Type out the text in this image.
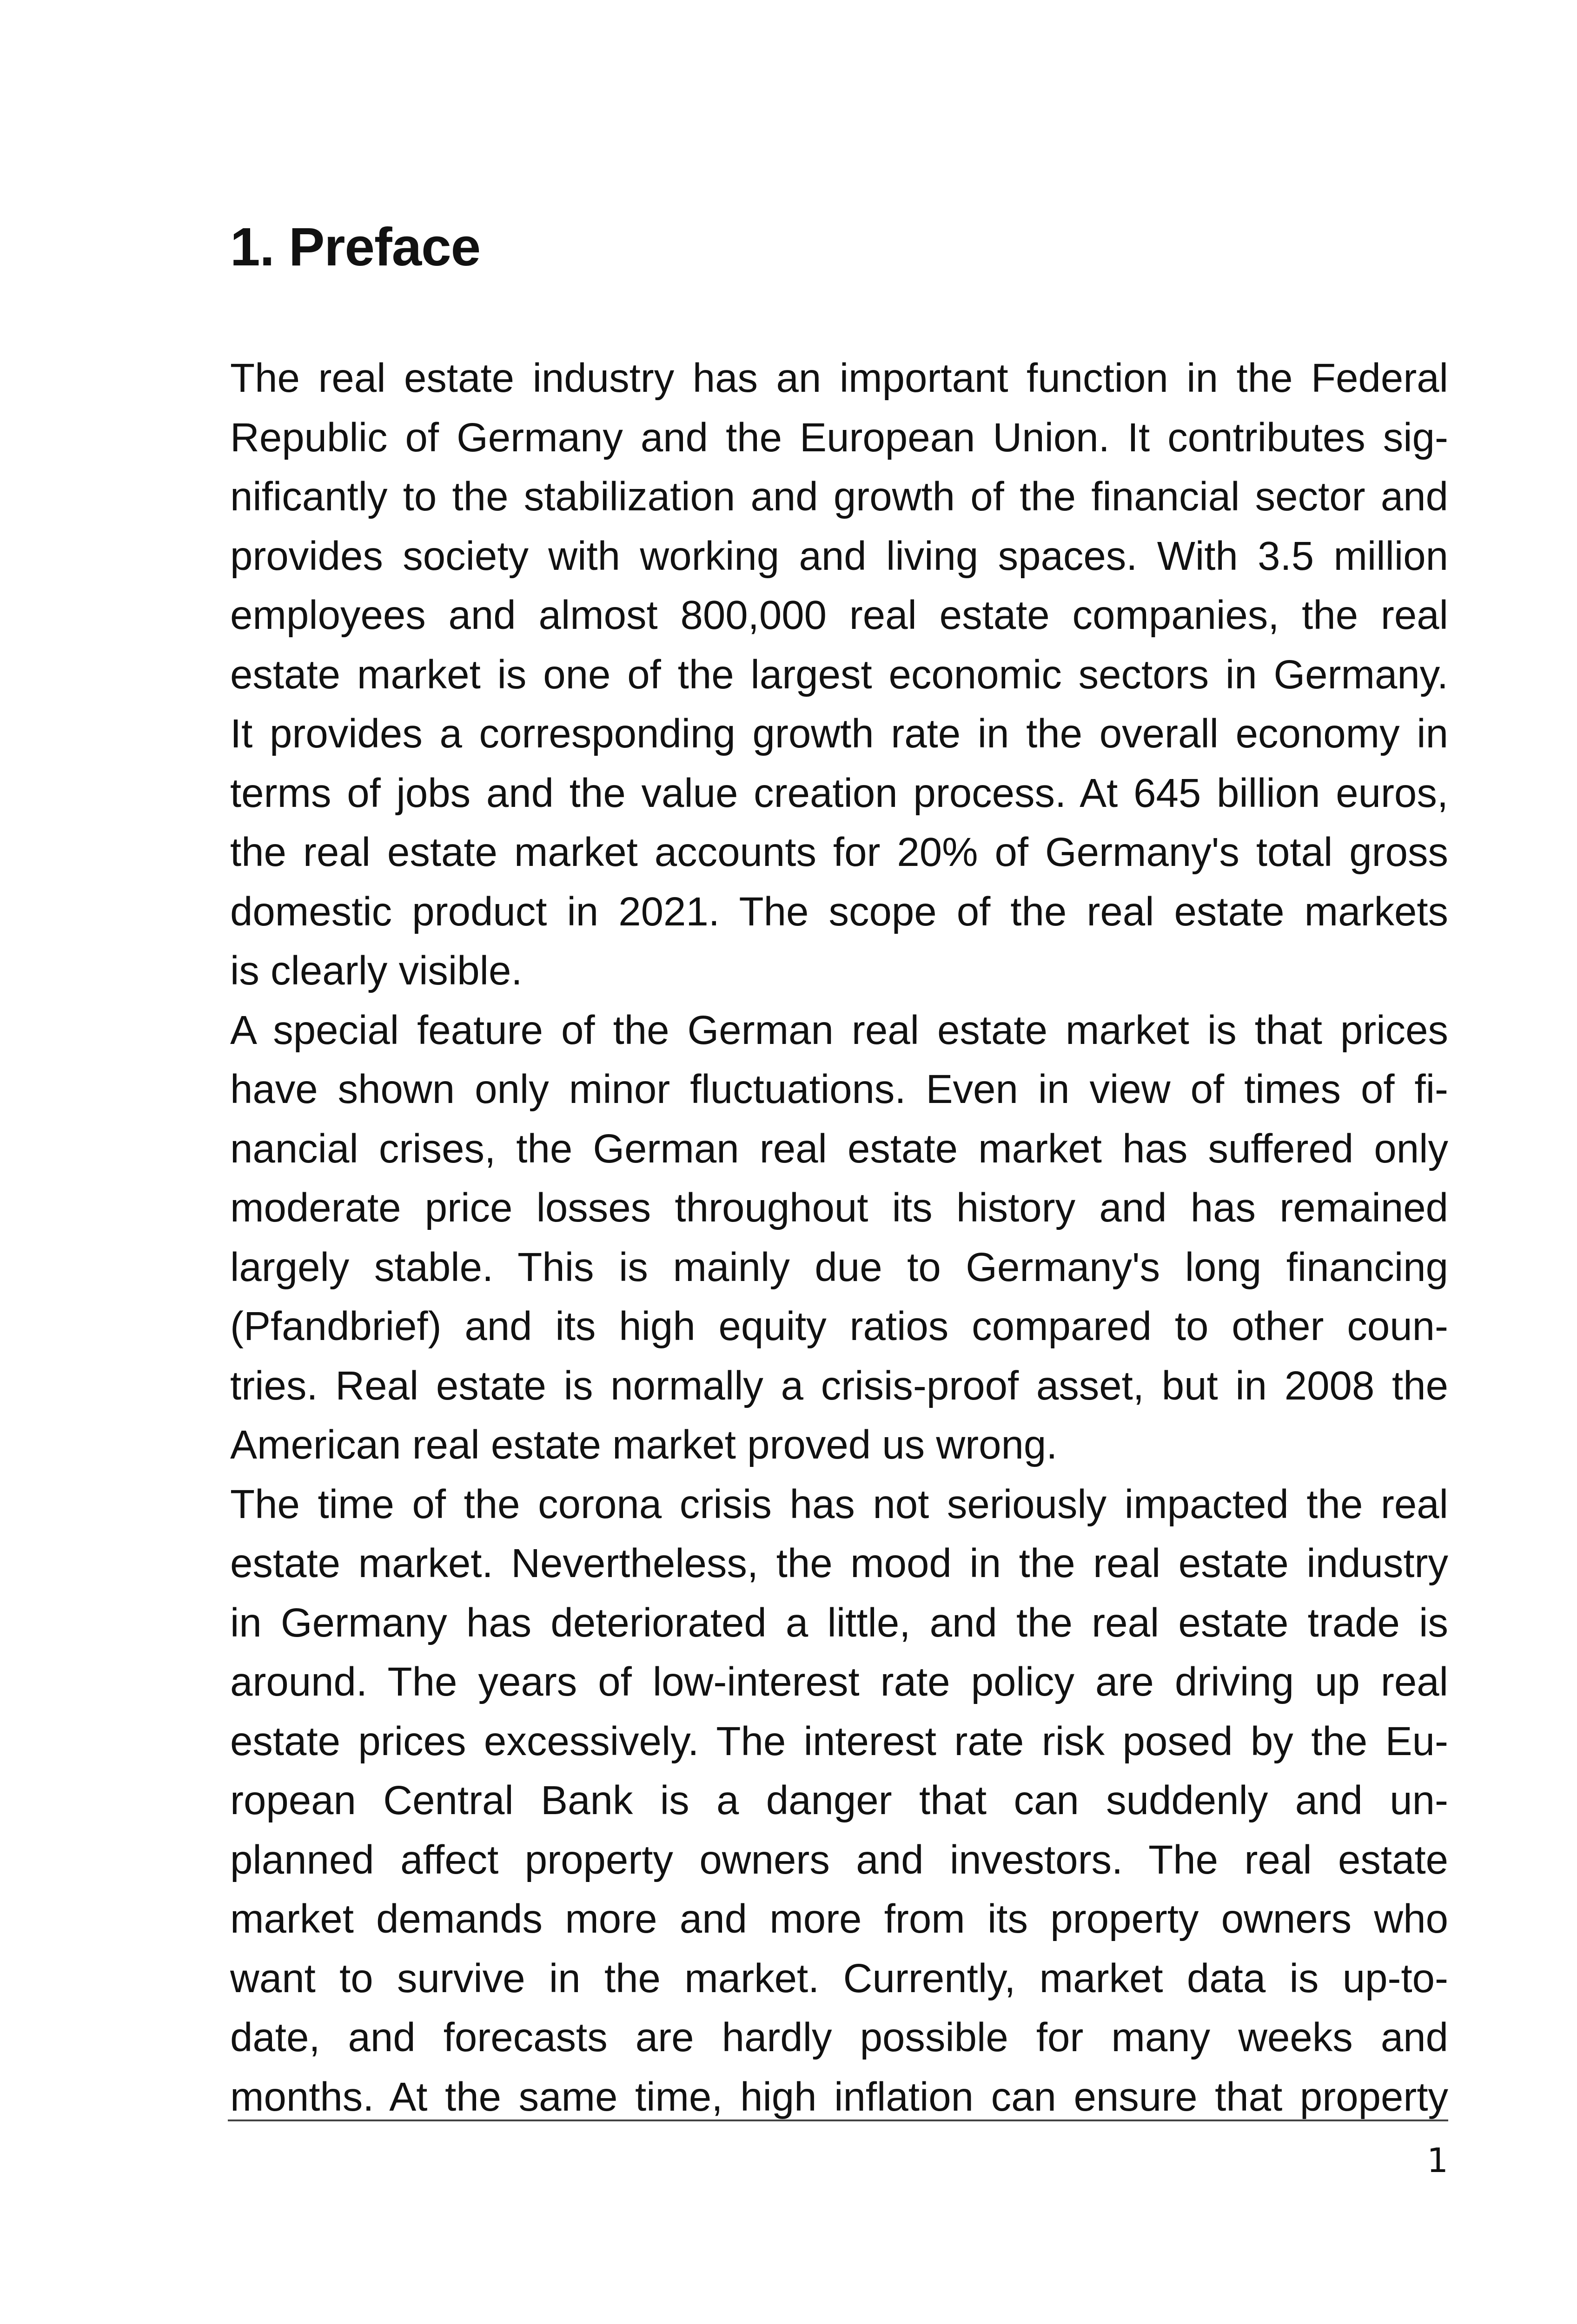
1. Preface
The real estate industry has an important function in the Federal
Republic of Germany and the European Union. It contributes sig-
nificantly to the stabilization and growth of the financial sector and
provides society with working and living spaces. With 3.5 million
employees and almost 800,000 real estate companies, the real
estate market is one of the largest economic sectors in Germany.
It provides a corresponding growth rate in the overall economy in
terms of jobs and the value creation process. At 645 billion euros,
the real estate market accounts for 20% of Germany's total gross
domestic product in 2021. The scope of the real estate markets
is clearly visible.
A special feature of the German real estate market is that prices
have shown only minor fluctuations. Even in view of times of fi-
nancial crises, the German real estate market has suffered only
moderate price losses throughout its history and has remained
largely stable. This is mainly due to Germany's long financing
(Pfandbrief) and its high equity ratios compared to other coun-
tries. Real estate is normally a crisis-proof asset, but in 2008 the
American real estate market proved us wrong.
The time of the corona crisis has not seriously impacted the real
estate market. Nevertheless, the mood in the real estate industry
in Germany has deteriorated a little, and the real estate trade is
around. The years of low-interest rate policy are driving up real
estate prices excessively. The interest rate risk posed by the Eu-
ropean Central Bank is a danger that can suddenly and un-
planned affect property owners and investors. The real estate
market demands more and more from its property owners who
want to survive in the market. Currently, market data is up-to-
date, and forecasts are hardly possible for many weeks and
months. At the same time, high inflation can ensure that property
1
